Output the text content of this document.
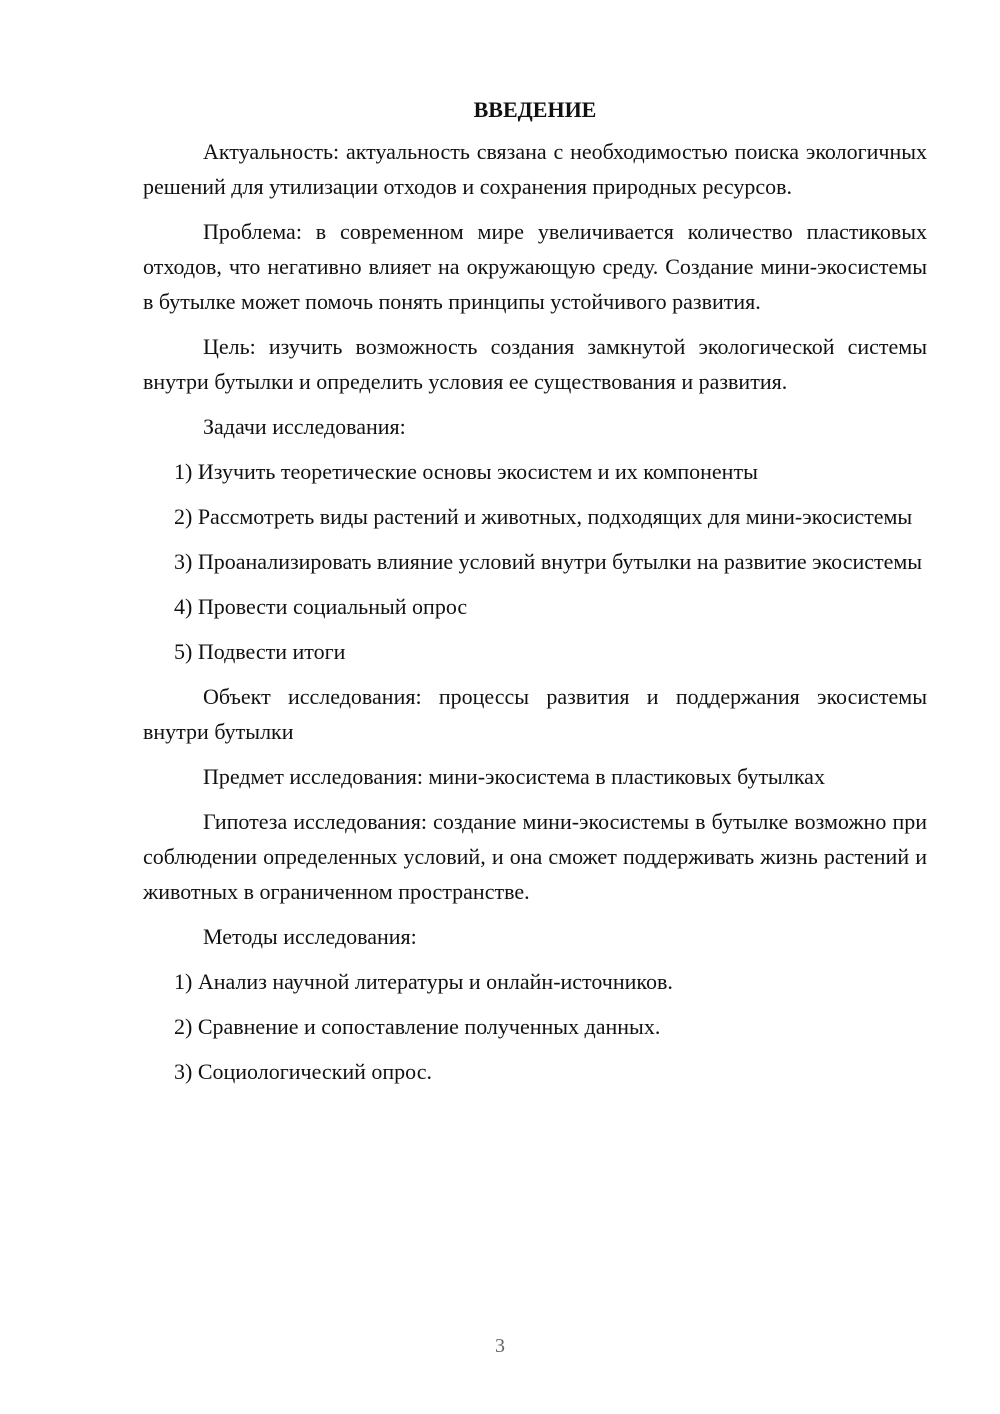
ВВЕДЕНИЕ

Актуальность: актуальность связана с необходимостью поиска экологичных решений для утилизации отходов и сохранения природных ресурсов.

Проблема: в современном мире увеличивается количество пластиковых отходов, что негативно влияет на окружающую среду. Создание мини-экосистемы в бутылке может помочь понять принципы устойчивого развития.

Цель: изучить возможность создания замкнутой экологической системы внутри бутылки и определить условия ее существования и развития.

Задачи исследования:

1) Изучить теоретические основы экосистем и их компоненты

2) Рассмотреть виды растений и животных, подходящих для мини-экосистемы

3) Проанализировать влияние условий внутри бутылки на развитие экосистемы

4) Провести социальный опрос

5) Подвести итоги

Объект исследования: процессы развития и поддержания экосистемы внутри бутылки

Предмет исследования: мини-экосистема в пластиковых бутылках

Гипотеза исследования: создание мини-экосистемы в бутылке возможно при соблюдении определенных условий, и она сможет поддерживать жизнь растений и животных в ограниченном пространстве.

Методы исследования:

1) Анализ научной литературы и онлайн-источников.

2) Сравнение и сопоставление полученных данных.

3) Социологический опрос.

3
